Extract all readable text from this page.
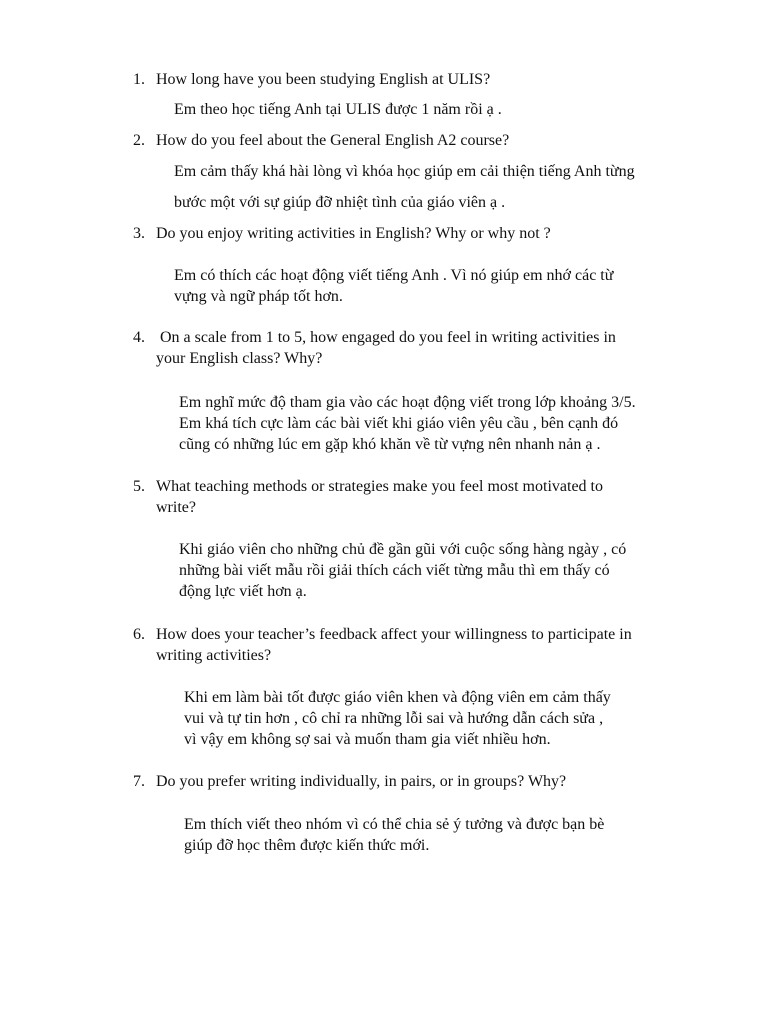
1. How long have you been studying English at ULIS?
Em theo học tiếng Anh tại ULIS được 1 năm rồi ạ .
2. How do you feel about the General English A2 course?
Em cảm thấy khá hài lòng vì khóa học giúp em cải thiện tiếng Anh từng
bước một với sự giúp đỡ nhiệt tình của giáo viên ạ .
3. Do you enjoy writing activities in English? Why or why not ?
Em có thích các hoạt động viết tiếng Anh . Vì nó giúp em nhớ các từ
vựng và ngữ pháp tốt hơn.
4. On a scale from 1 to 5, how engaged do you feel in writing activities in
your English class? Why?
Em nghĩ mức độ tham gia vào các hoạt động viết trong lớp khoảng 3/5.
Em khá tích cực làm các bài viết khi giáo viên yêu cầu , bên cạnh đó
cũng có những lúc em gặp khó khăn về từ vựng nên nhanh nản ạ .
5. What teaching methods or strategies make you feel most motivated to
write?
Khi giáo viên cho những chủ đề gần gũi với cuộc sống hàng ngày , có
những bài viết mẫu rồi giải thích cách viết từng mẫu thì em thấy có
động lực viết hơn ạ.
6. How does your teacher’s feedback affect your willingness to participate in
writing activities?
Khi em làm bài tốt được giáo viên khen và động viên em cảm thấy
vui và tự tin hơn , cô chỉ ra những lỗi sai và hướng dẫn cách sửa ,
vì vậy em không sợ sai và muốn tham gia viết nhiều hơn.
7. Do you prefer writing individually, in pairs, or in groups? Why?
Em thích viết theo nhóm vì có thể chia sẻ ý tưởng và được bạn bè
giúp đỡ học thêm được kiến thức mới.
